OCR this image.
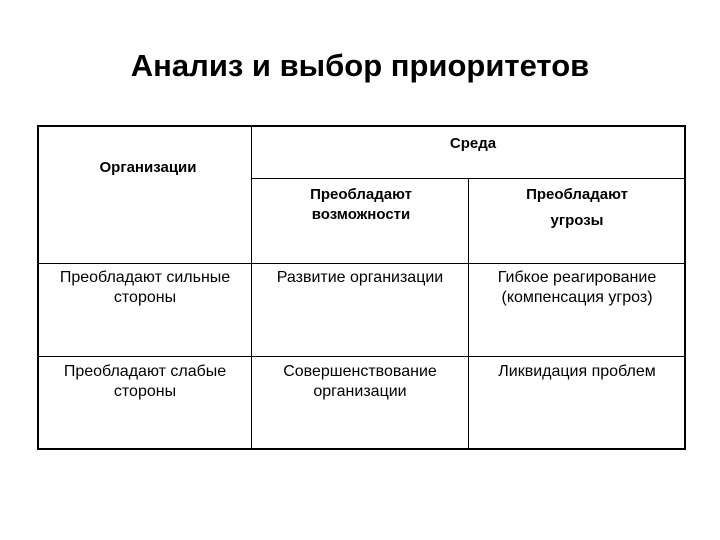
Анализ и выбор приоритетов
Среда
Организации
Преобладают
возможности
Преобладают
угрозы
Преобладают сильные
стороны
Развитие организации	Гибкое реагирование
(компенсация угроз)
Преобладают слабые
стороны
Совершенствование
организации
Ликвидация проблем
